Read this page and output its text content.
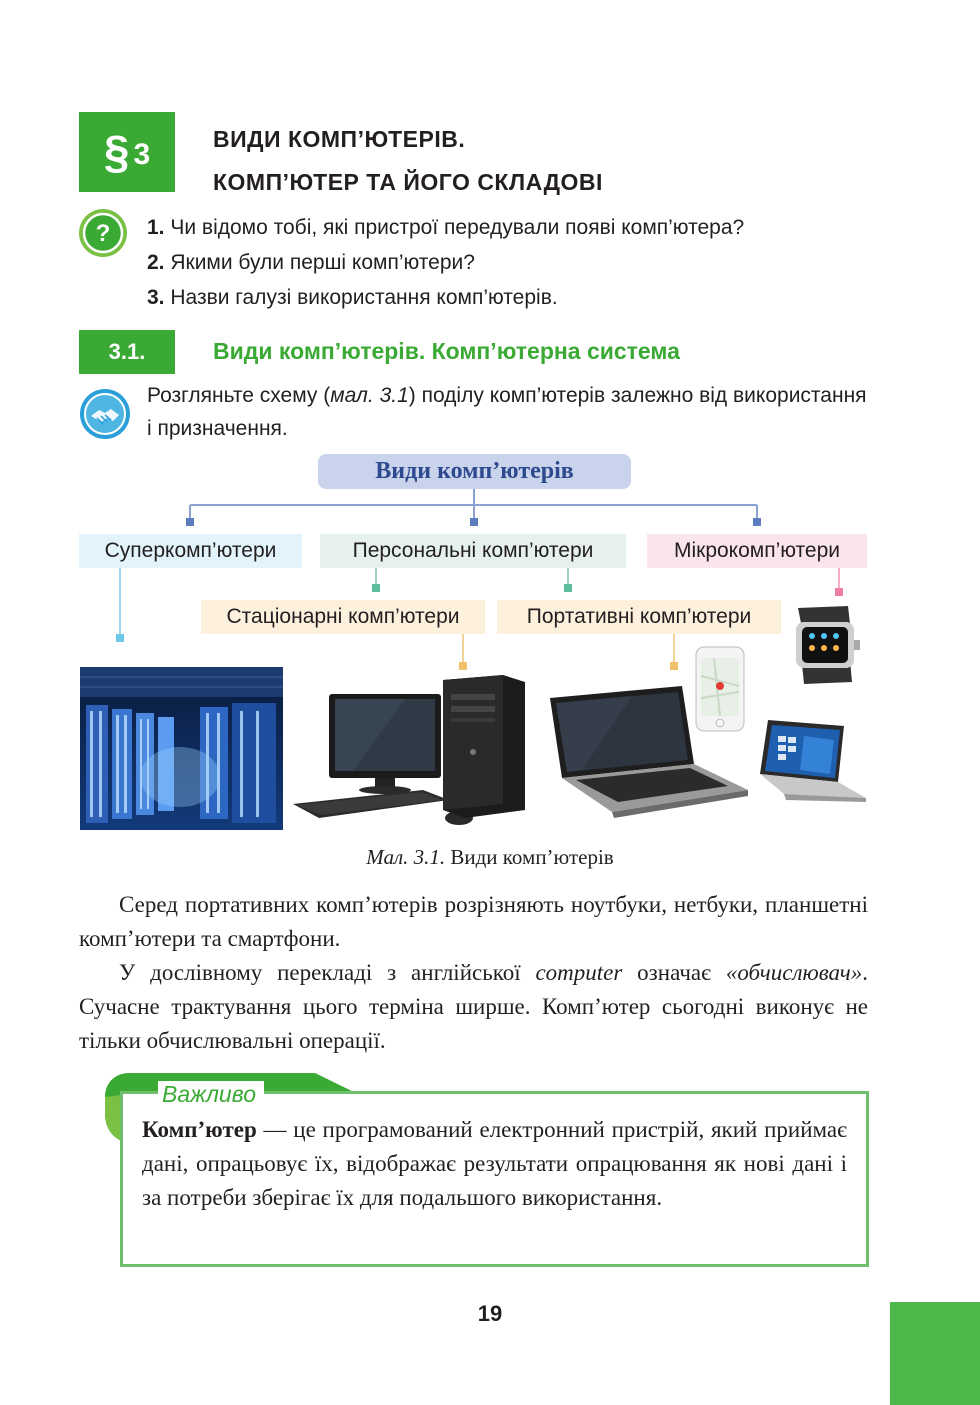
§ 3	ВИДИ КОМП’ЮТЕРІВ.
КОМП’ЮТЕР ТА ЙОГО СКЛАДОВІ
? 1. Чи відомо тобі, які пристрої передували появі комп’ютера?
2. Якими були перші комп’ютери?
3. Назви галузі використання комп’ютерів.
3.1.	Види комп’ютерів. Комп’ютерна система
Розгляньте схему (мал. 3.1) поділу комп’ютерів залежно від використання і призначення.
Види комп’ютерів
Суперкомп’ютери	Персональні комп’ютери	Мікрокомп’ютери
Стаціонарні комп’ютери	Портативні комп’ютери
Мал. 3.1. Види комп’ютерів

Серед портативних комп’ютерів розрізняють ноутбуки, нетбуки, планшетні комп’ютери та смартфони.

У дослівному перекладі з англійської computer означає «обчислювач». Сучасне трактування цього терміна ширше. Комп’ютер сьогодні виконує не тільки обчислювальні операції.

Важливо
Комп’ютер — це програмований електронний пристрій, який приймає дані, опрацьовує їх, відображає результати опрацювання як нові дані і за потреби зберігає їх для подальшого використання.
19
